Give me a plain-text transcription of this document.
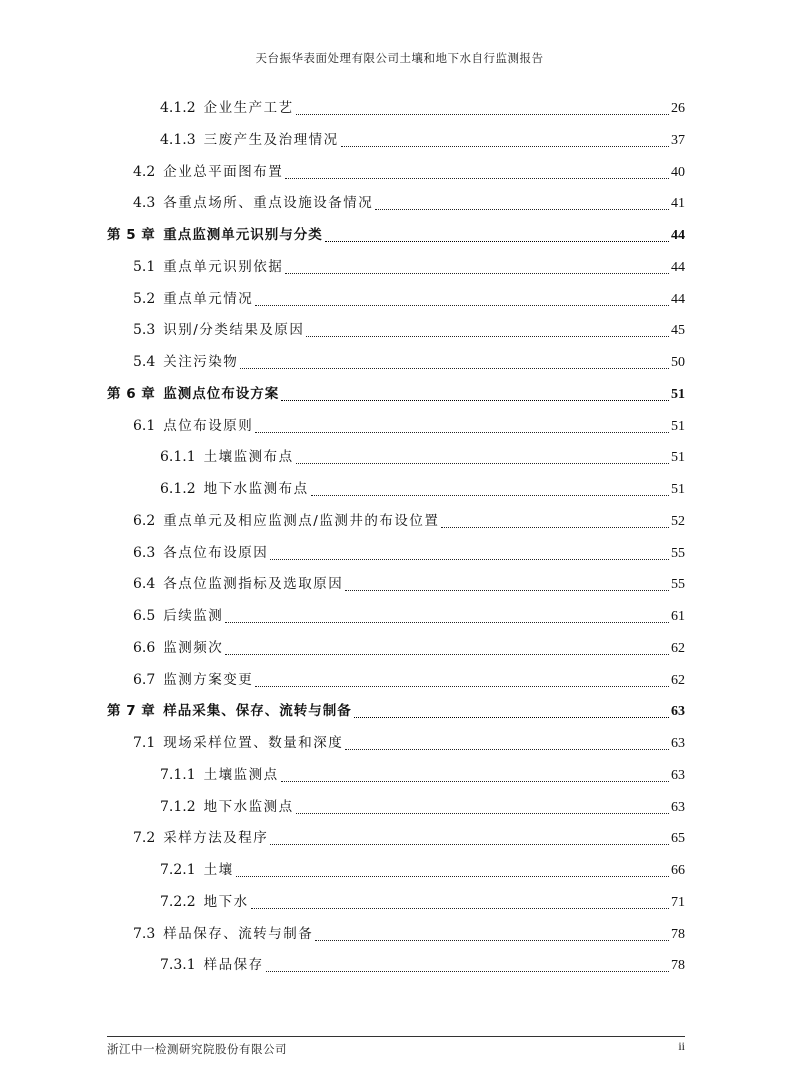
天台振华表面处理有限公司土壤和地下水自行监测报告
4.1.2 企业生产工艺	26
4.1.3 三废产生及治理情况	37
4.2 企业总平面图布置	40
4.3 各重点场所、重点设施设备情况	41
第 5 章 重点监测单元识别与分类	44
5.1 重点单元识别依据	44
5.2 重点单元情况	44
5.3 识别/分类结果及原因	45
5.4 关注污染物	50
第 6 章 监测点位布设方案	51
6.1 点位布设原则	51
6.1.1 土壤监测布点	51
6.1.2 地下水监测布点	51
6.2 重点单元及相应监测点/监测井的布设位置	52
6.3 各点位布设原因	55
6.4 各点位监测指标及选取原因	55
6.5 后续监测	61
6.6 监测频次	62
6.7 监测方案变更	62
第 7 章 样品采集、保存、流转与制备	63
7.1 现场采样位置、数量和深度	63
7.1.1 土壤监测点	63
7.1.2 地下水监测点	63
7.2 采样方法及程序	65
7.2.1 土壤	66
7.2.2 地下水	71
7.3 样品保存、流转与制备	78
7.3.1 样品保存	78
浙江中一检测研究院股份有限公司	ii
